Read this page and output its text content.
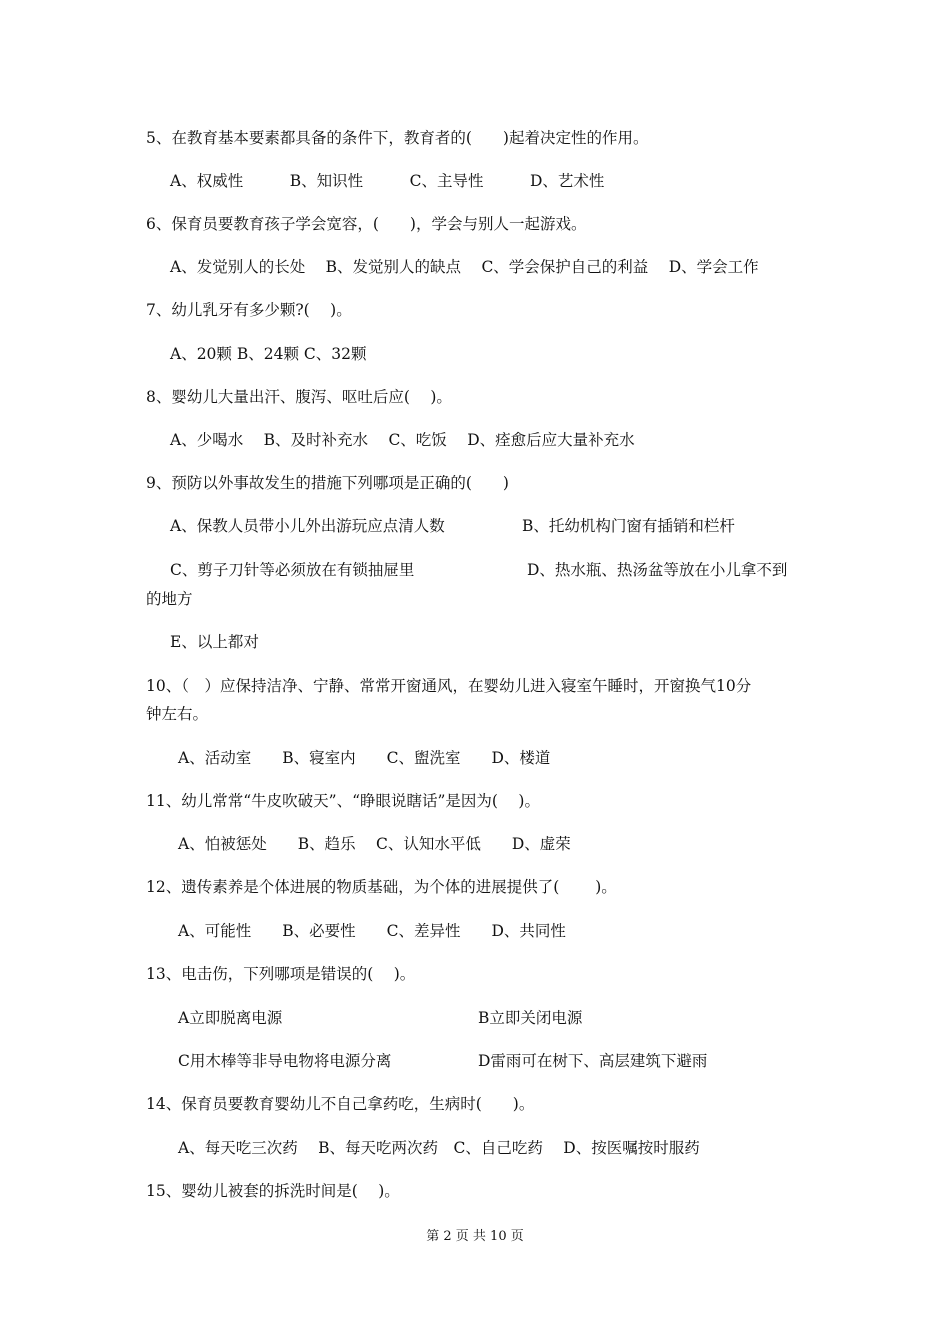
5、在教育基本要素都具备的条件下，教育者的(　　)起着决定性的作用。
A、权威性　　　B、知识性　　　C、主导性　　　D、艺术性
6、保育员要教育孩子学会宽容，(　　)，学会与别人一起游戏。
A、发觉别人的长处　 B、发觉别人的缺点　 C、学会保护自己的利益　 D、学会工作
7、幼儿乳牙有多少颗?(　 )。
A、20颗 B、24颗 C、32颗
8、婴幼儿大量出汗、腹泻、呕吐后应(　 )。
A、少喝水　 B、及时补充水　 C、吃饭　 D、痊愈后应大量补充水
9、预防以外事故发生的措施下列哪项是正确的(　　)
A、保教人员带小儿外出游玩应点清人数	B、托幼机构门窗有插销和栏杆
C、剪子刀针等必须放在有锁抽屉里	D、热水瓶、热汤盆等放在小儿拿不到
的地方
E、以上都对
10、（　）应保持洁净、宁静、常常开窗通风，在婴幼儿进入寝室午睡时，开窗换气10分
钟左右。
A、活动室　　B、寝室内　　C、盥洗室　　D、楼道
11、幼儿常常“牛皮吹破天”、“睁眼说瞎话”是因为(　 )。
A、怕被惩处　　B、趋乐　 C、认知水平低　　D、虚荣
12、遗传素养是个体进展的物质基础，为个体的进展提供了(　　 )。
A、可能性　　B、必要性　　C、差异性　　D、共同性
13、电击伤，下列哪项是错误的(　 )。
A立即脱离电源	B立即关闭电源
C用木棒等非导电物将电源分离	D雷雨可在树下、高层建筑下避雨
14、保育员要教育婴幼儿不自己拿药吃，生病时(　　)。
A、每天吃三次药　 B、每天吃两次药　C、自己吃药　 D、按医嘱按时服药
15、婴幼儿被套的拆洗时间是(　 )。
第 2 页 共 10 页
